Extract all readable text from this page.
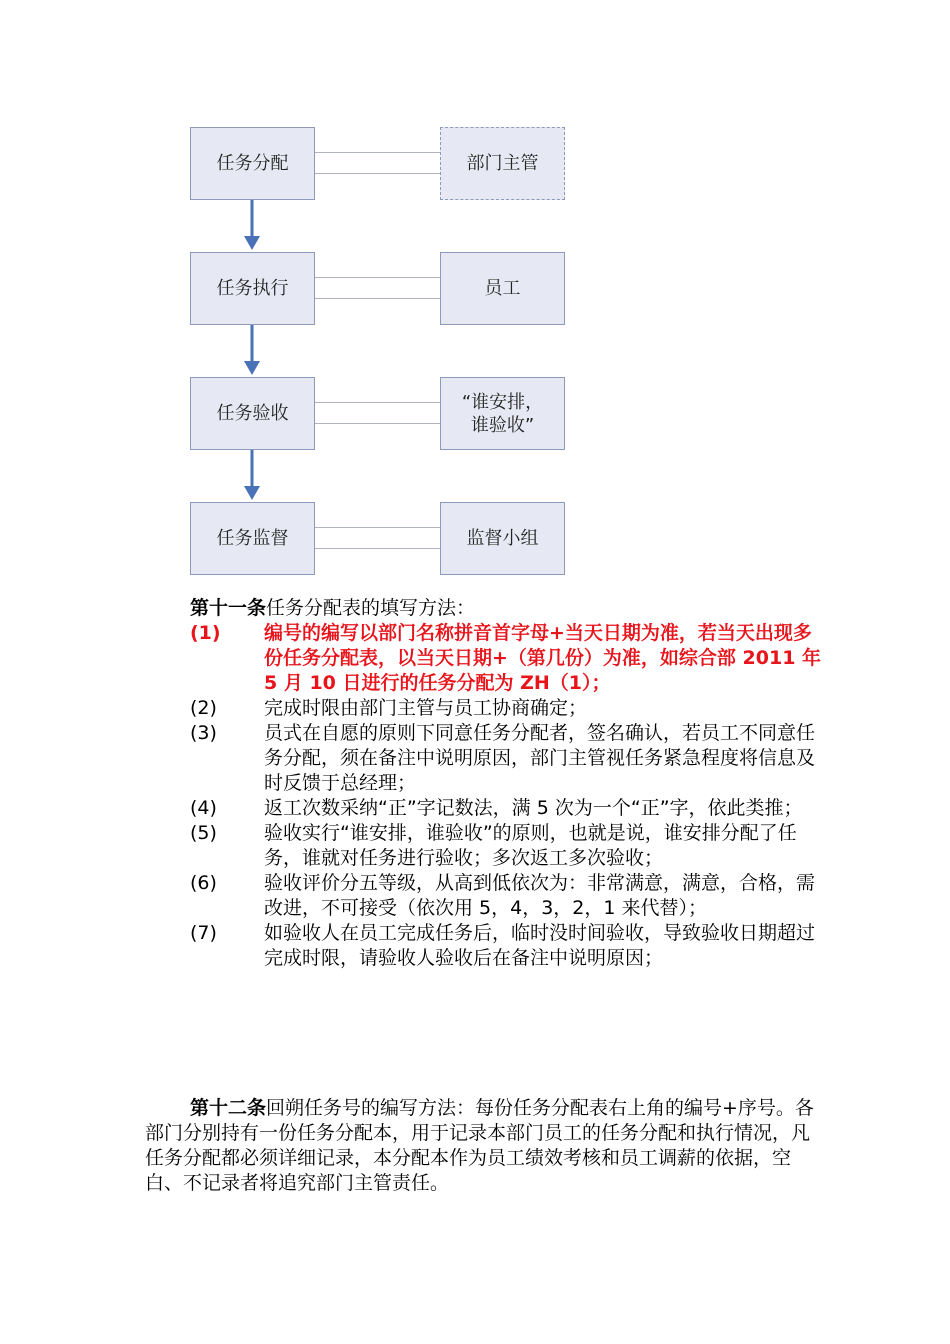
任务分配	部门主管
任务执行	员工
任务验收
“谁安排，谁验收”
任务监督	监督小组
第十一条任务分配表的填写方法：
(1) 编号的编写以部门名称拼音首字母+当天日期为准，若当天出现多份任务分配表，以当天日期+（第几份）为准，如综合部 2011 年 5 月 10 日进行的任务分配为 ZH（1）；
(2) 完成时限由部门主管与员工协商确定；
(3) 员式在自愿的原则下同意任务分配者，签名确认，若员工不同意任务分配，须在备注中说明原因，部门主管视任务紧急程度将信息及时反馈于总经理；
(4) 返工次数采纳“正”字记数法，满 5 次为一个“正”字，依此类推；
(5) 验收实行“谁安排，谁验收”的原则，也就是说，谁安排分配了任务，谁就对任务进行验收；多次返工多次验收；
(6) 验收评价分五等级，从高到低依次为：非常满意，满意，合格，需改进，不可接受（依次用 5，4，3，2，1 来代替）；
(7) 如验收人在员工完成任务后，临时没时间验收，导致验收日期超过完成时限，请验收人验收后在备注中说明原因；
第十二条回朔任务号的编写方法：每份任务分配表右上角的编号+序号。各部门分别持有一份任务分配本，用于记录本部门员工的任务分配和执行情况，凡任务分配都必须详细记录，本分配本作为员工绩效考核和员工调薪的依据，空白、不记录者将追究部门主管责任。
